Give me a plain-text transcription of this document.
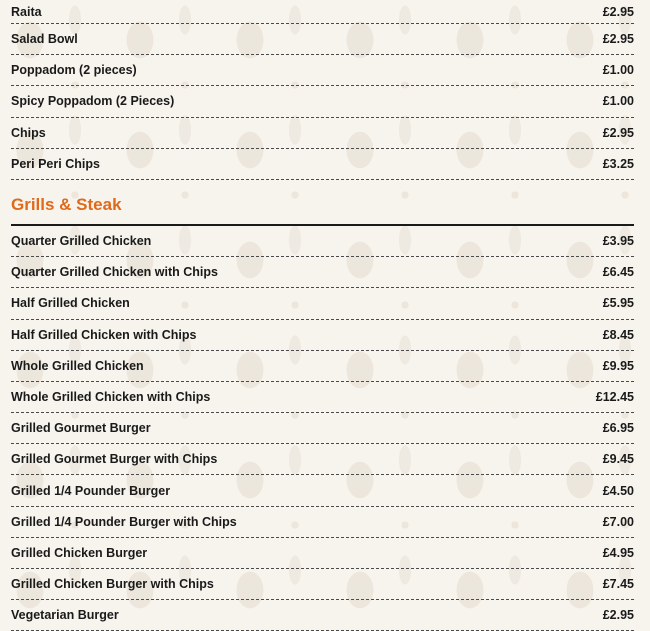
Raita	£2.95
Salad Bowl	£2.95
Poppadom (2 pieces)	£1.00
Spicy Poppadom (2 Pieces)	£1.00
Chips	£2.95
Peri Peri Chips	£3.25
Grills & Steak
Quarter Grilled Chicken	£3.95
Quarter Grilled Chicken with Chips	£6.45
Half Grilled Chicken	£5.95
Half Grilled Chicken with Chips	£8.45
Whole Grilled Chicken	£9.95
Whole Grilled Chicken with Chips	£12.45
Grilled Gourmet Burger	£6.95
Grilled Gourmet Burger with Chips	£9.45
Grilled 1/4 Pounder Burger	£4.50
Grilled 1/4 Pounder Burger with Chips	£7.00
Grilled Chicken Burger	£4.95
Grilled Chicken Burger with Chips	£7.45
Vegetarian Burger	£2.95
